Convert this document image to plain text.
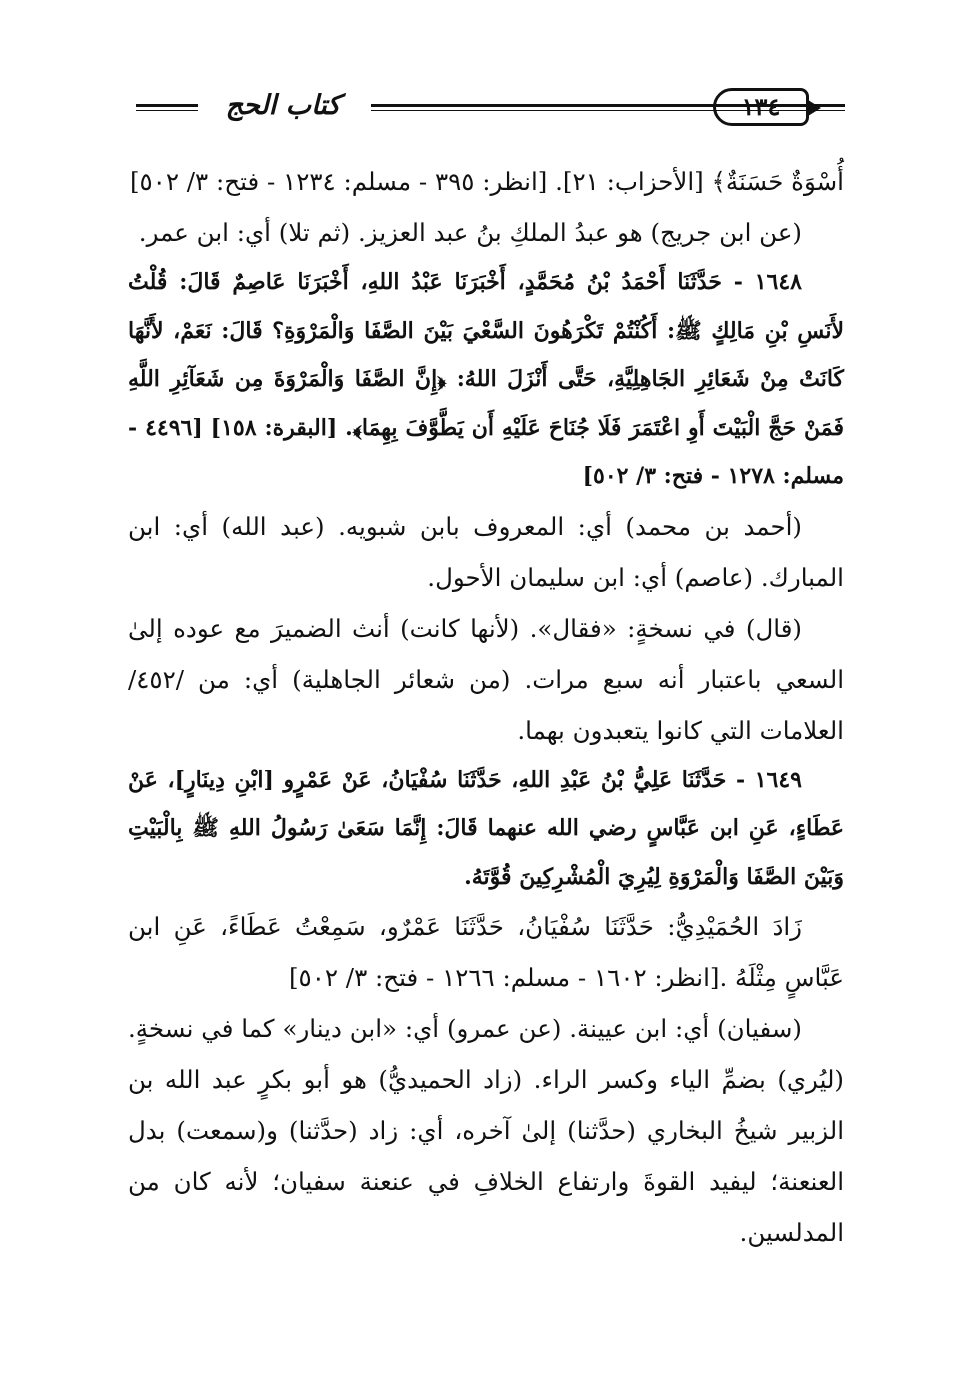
كتاب الحج	١٣٤

أُسْوَةٌ حَسَنَةٌ﴾ [الأحزاب: ٢١]. [انظر: ٣٩٥ - مسلم: ١٢٣٤ - فتح: ٣/ ٥٠٢]

(عن ابن جريج) هو عبدُ الملكِ بنُ عبد العزيز. (ثم تلا) أي: ابن عمر.

١٦٤٨ - حَدَّثَنَا أَحْمَدُ بْنُ مُحَمَّدٍ، أَخْبَرَنَا عَبْدُ اللهِ، أَخْبَرَنَا عَاصِمٌ قَالَ: قُلْتُ لأَنَسِ بْنِ مَالِكٍ ﷺ: أَكُنْتُمْ تَكْرَهُونَ السَّعْيَ بَيْنَ الصَّفَا وَالْمَرْوَةِ؟ قَالَ: نَعَمْ، لأَنَّهَا كَانَتْ مِنْ شَعَائِرِ الجَاهِلِيَّةِ، حَتَّى أَنْزَلَ اللهُ: ﴿إِنَّ الصَّفَا وَالْمَرْوَةَ مِن شَعَآئِرِ اللَّهِ فَمَنْ حَجَّ الْبَيْتَ أَوِ اعْتَمَرَ فَلَا جُنَاحَ عَلَيْهِ أَن يَطَّوَّفَ بِهِمَا﴾. [البقرة: ١٥٨] [٤٤٩٦ - مسلم: ١٢٧٨ - فتح: ٣/ ٥٠٢]

(أحمد بن محمد) أي: المعروف بابن شبويه. (عبد الله) أي: ابن المبارك. (عاصم) أي: ابن سليمان الأحول.

(قال) في نسخةٍ: «فقال». (لأنها كانت) أنث الضميرَ مع عوده إلىٰ السعي باعتبار أنه سبع مرات. (من شعائر الجاهلية) أي: من /٤٥٢/ العلامات التي كانوا يتعبدون بهما.

١٦٤٩ - حَدَّثَنَا عَلِيُّ بْنُ عَبْدِ اللهِ، حَدَّثَنَا سُفْيَانُ، عَنْ عَمْرٍو [ابْنِ دِينَارٍ]، عَنْ عَطَاءٍ، عَنِ ابن عَبَّاسٍ رضي الله عنهما قَالَ: إِنَّمَا سَعَىٰ رَسُولُ اللهِ ﷺ بِالْبَيْتِ وَبَيْنَ الصَّفَا وَالْمَرْوَةِ لِيُرِيَ الْمُشْرِكِينَ قُوَّتَهُ.

زَادَ الحُمَيْدِيُّ: حَدَّثَنَا سُفْيَانُ، حَدَّثَنَا عَمْرٌو، سَمِعْتُ عَطَاءً، عَنِ ابن عَبَّاسٍ مِثْلَهُ .[انظر: ١٦٠٢ - مسلم: ١٢٦٦ - فتح: ٣/ ٥٠٢]

(سفيان) أي: ابن عيينة. (عن عمرو) أي: «ابن دينار» كما في نسخةٍ. (ليُري) بضمِّ الياء وكسر الراء. (زاد الحميديُّ) هو أبو بكرٍ عبد الله بن الزبير شيخُ البخاري (حدَّثنا) إلىٰ آخره، أي: زاد (حدَّثنا) و(سمعت) بدل العنعنة؛ ليفيد القوةَ وارتفاع الخلافِ في عنعنة سفيان؛ لأنه كان من المدلسين.
